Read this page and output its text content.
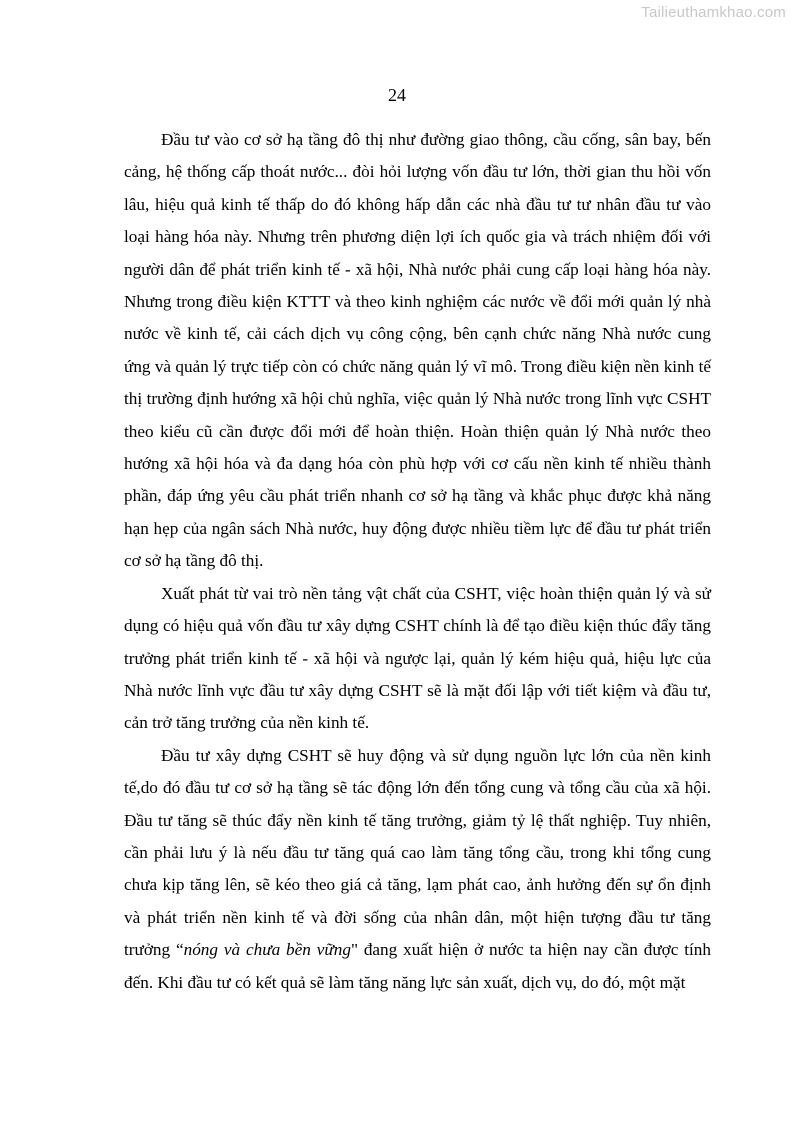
Tailieuthamkhao.com
24

Đầu tư vào cơ sở hạ tầng đô thị như đường giao thông, cầu cống, sân bay, bến cảng, hệ thống cấp thoát nước... đòi hỏi lượng vốn đầu tư lớn, thời gian thu hồi vốn lâu, hiệu quả kinh tế thấp do đó không hấp dẫn các nhà đầu tư tư nhân đầu tư vào loại hàng hóa này. Nhưng trên phương diện lợi ích quốc gia và trách nhiệm đối với người dân để phát triển kinh tế - xã hội, Nhà nước phải cung cấp loại hàng hóa này. Nhưng trong điều kiện KTTT và theo kinh nghiệm các nước về đổi mới quản lý nhà nước về kinh tế, cải cách dịch vụ công cộng, bên cạnh chức năng Nhà nước cung ứng và quản lý trực tiếp còn có chức năng quản lý vĩ mô. Trong điều kiện nền kinh tế thị trường định hướng xã hội chủ nghĩa, việc quản lý Nhà nước trong lĩnh vực CSHT theo kiểu cũ cần được đổi mới để hoàn thiện. Hoàn thiện quản lý Nhà nước theo hướng xã hội hóa và đa dạng hóa còn phù hợp với cơ cấu nền kinh tế nhiều thành phần, đáp ứng yêu cầu phát triển nhanh cơ sở hạ tầng và khắc phục được khả năng hạn hẹp của ngân sách Nhà nước, huy động được nhiều tiềm lực để đầu tư phát triển cơ sở hạ tầng đô thị.

Xuất phát từ vai trò nền tảng vật chất của CSHT, việc hoàn thiện quản lý và sử dụng có hiệu quả vốn đầu tư xây dựng CSHT chính là để tạo điều kiện thúc đẩy tăng trưởng phát triển kinh tế - xã hội và ngược lại, quản lý kém hiệu quả, hiệu lực của Nhà nước lĩnh vực đầu tư xây dựng CSHT sẽ là mặt đối lập với tiết kiệm và đầu tư, cản trở tăng trưởng của nền kinh tế.

Đầu tư xây dựng CSHT sẽ huy động và sử dụng nguồn lực lớn của nền kinh tế,do đó đầu tư cơ sở hạ tầng sẽ tác động lớn đến tổng cung và tổng cầu của xã hội. Đầu tư tăng sẽ thúc đẩy nền kinh tế tăng trưởng, giảm tỷ lệ thất nghiệp. Tuy nhiên, cần phải lưu ý là nếu đầu tư tăng quá cao làm tăng tổng cầu, trong khi tổng cung chưa kịp tăng lên, sẽ kéo theo giá cả tăng, lạm phát cao, ảnh hưởng đến sự ổn định và phát triển nền kinh tế và đời sống của nhân dân, một hiện tượng đầu tư tăng trưởng “nóng và chưa bền vững" đang xuất hiện ở nước ta hiện nay cần được tính đến. Khi đầu tư có kết quả sẽ làm tăng năng lực sản xuất, dịch vụ, do đó, một mặt
